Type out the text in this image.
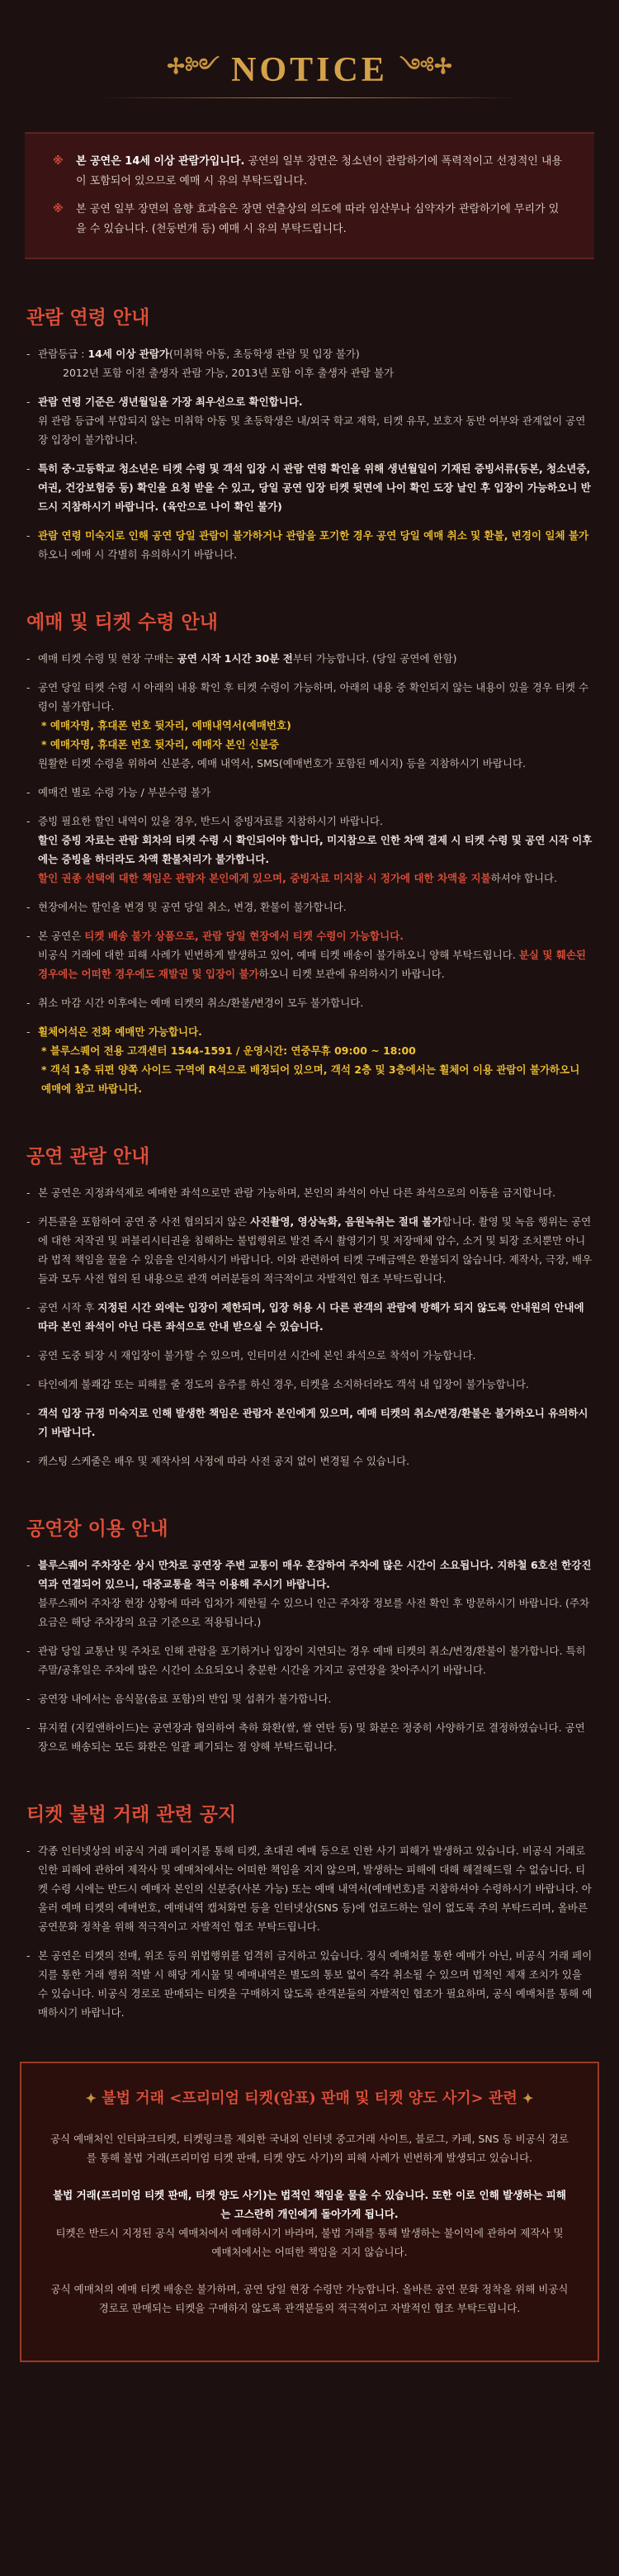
✢༻ NOTICE ༺✢
※ 본 공연은 14세 이상 관람가입니다. 공연의 일부 장면은 청소년이 관람하기에 폭력적이고 선정적인 내용이 포함되어 있으므로 예매 시 유의 부탁드립니다.
※ 본 공연 일부 장면의 음향 효과음은 장면 연출상의 의도에 따라 임산부나 심약자가 관람하기에 무리가 있을 수 있습니다. (천둥번개 등) 예매 시 유의 부탁드립니다.
관람 연령 안내
- 관람등급 : 14세 이상 관람가(미취학 아동, 초등학생 관람 및 입장 불가)
2012년 포함 이전 출생자 관람 가능, 2013년 포함 이후 출생자 관람 불가
- 관람 연령 기준은 생년월일을 가장 최우선으로 확인합니다.
위 관람 등급에 부합되지 않는 미취학 아동 및 초등학생은 내/외국 학교 재학, 티켓 유무, 보호자 동반 여부와 관계없이 공연장 입장이 불가합니다.
- 특히 중·고등학교 청소년은 티켓 수령 및 객석 입장 시 관람 연령 확인을 위해 생년월일이 기재된 증빙서류(등본, 청소년증, 여권, 건강보험증 등) 확인을 요청 받을 수 있고, 당일 공연 입장 티켓 뒷면에 나이 확인 도장 날인 후 입장이 가능하오니 반드시 지참하시기 바랍니다. (육안으로 나이 확인 불가)
- 관람 연령 미숙지로 인해 공연 당일 관람이 불가하거나 관람을 포기한 경우 공연 당일 예매 취소 및 환불, 변경이 일체 불가하오니 예매 시 각별히 유의하시기 바랍니다.
예매 및 티켓 수령 안내
- 예매 티켓 수령 및 현장 구매는 공연 시작 1시간 30분 전부터 가능합니다. (당일 공연에 한함)
- 공연 당일 티켓 수령 시 아래의 내용 확인 후 티켓 수령이 가능하며, 아래의 내용 중 확인되지 않는 내용이 있을 경우 티켓 수령이 불가합니다.
* 예매자명, 휴대폰 번호 뒷자리, 예매내역서(예매번호)
* 예매자명, 휴대폰 번호 뒷자리, 예매자 본인 신분증
원활한 티켓 수령을 위하여 신분증, 예매 내역서, SMS(예매번호가 포함된 메시지) 등을 지참하시기 바랍니다.
- 예매건 별로 수령 가능 / 부분수령 불가
- 증빙 필요한 할인 내역이 있을 경우, 반드시 증빙자료를 지참하시기 바랍니다.
할인 증빙 자료는 관람 회차의 티켓 수령 시 확인되어야 합니다, 미지참으로 인한 차액 결제 시 티켓 수령 및 공연 시작 이후에는 증빙을 하더라도 차액 환불처리가 불가합니다.
할인 권종 선택에 대한 책임은 관람자 본인에게 있으며, 증빙자료 미지참 시 정가에 대한 차액을 지불하셔야 합니다.
- 현장에서는 할인을 변경 및 공연 당일 취소, 변경, 환불이 불가합니다.
- 본 공연은 티켓 배송 불가 상품으로, 관람 당일 현장에서 티켓 수령이 가능합니다.
비공식 거래에 대한 피해 사례가 빈번하게 발생하고 있어, 예매 티켓 배송이 불가하오니 양해 부탁드립니다. 분실 및 훼손된 경우에는 어떠한 경우에도 재발권 및 입장이 불가하오니 티켓 보관에 유의하시기 바랍니다.
- 취소 마감 시간 이후에는 예매 티켓의 취소/환불/변경이 모두 불가합니다.
- 휠체어석은 전화 예매만 가능합니다.
* 블루스퀘어 전용 고객센터 1544-1591 / 운영시간: 연중무휴 09:00 ~ 18:00
* 객석 1층 뒤편 양쪽 사이드 구역에 R석으로 배정되어 있으며, 객석 2층 및 3층에서는 휠체어 이용 관람이 불가하오니 예매에 참고 바랍니다.
공연 관람 안내
- 본 공연은 지정좌석제로 예매한 좌석으로만 관람 가능하며, 본인의 좌석이 아닌 다른 좌석으로의 이동을 금지합니다.
- 커튼콜을 포함하여 공연 중 사전 협의되지 않은 사진촬영, 영상녹화, 음원녹취는 절대 불가합니다. 촬영 및 녹음 행위는 공연에 대한 저작권 및 퍼블리시티권을 침해하는 불법행위로 발견 즉시 촬영기기 및 저장매체 압수, 소거 및 퇴장 조치뿐만 아니라 법적 책임을 물을 수 있음을 인지하시기 바랍니다. 이와 관련하여 티켓 구매금액은 환불되지 않습니다. 제작사, 극장, 배우들과 모두 사전 협의 된 내용으로 관객 여러분들의 적극적이고 자발적인 협조 부탁드립니다.
- 공연 시작 후 지정된 시간 외에는 입장이 제한되며, 입장 허용 시 다른 관객의 관람에 방해가 되지 않도록 안내원의 안내에 따라 본인 좌석이 아닌 다른 좌석으로 안내 받으실 수 있습니다.
- 공연 도중 퇴장 시 재입장이 불가할 수 있으며, 인터미션 시간에 본인 좌석으로 착석이 가능합니다.
- 타인에게 불쾌감 또는 피해를 줄 정도의 음주를 하신 경우, 티켓을 소지하더라도 객석 내 입장이 불가능합니다.
- 객석 입장 규정 미숙지로 인해 발생한 책임은 관람자 본인에게 있으며, 예매 티켓의 취소/변경/환불은 불가하오니 유의하시기 바랍니다.
- 캐스팅 스케줄은 배우 및 제작사의 사정에 따라 사전 공지 없이 변경될 수 있습니다.
공연장 이용 안내
- 블루스퀘어 주차장은 상시 만차로 공연장 주변 교통이 매우 혼잡하여 주차에 많은 시간이 소요됩니다. 지하철 6호선 한강진역과 연결되어 있으니, 대중교통을 적극 이용해 주시기 바랍니다.
블루스퀘어 주차장 현장 상황에 따라 입차가 제한될 수 있으니 인근 주차장 정보를 사전 확인 후 방문하시기 바랍니다. (주차 요금은 해당 주차장의 요금 기준으로 적용됩니다.)
- 관람 당일 교통난 및 주차로 인해 관람을 포기하거나 입장이 지연되는 경우 예매 티켓의 취소/변경/환불이 불가합니다. 특히 주말/공휴일은 주차에 많은 시간이 소요되오니 충분한 시간을 가지고 공연장을 찾아주시기 바랍니다.
- 공연장 내에서는 음식물(음료 포함)의 반입 및 섭취가 불가합니다.
- 뮤지컬 (지킬앤하이드)는 공연장과 협의하여 축하 화환(쌀, 쌀 연탄 등) 및 화분은 정중히 사양하기로 결정하였습니다. 공연장으로 배송되는 모든 화환은 일괄 폐기되는 점 양해 부탁드립니다.
티켓 불법 거래 관련 공지
- 각종 인터넷상의 비공식 거래 페이지를 통해 티켓, 초대권 예매 등으로 인한 사기 피해가 발생하고 있습니다. 비공식 거래로 인한 피해에 관하여 제작사 및 예매처에서는 어떠한 책임을 지지 않으며, 발생하는 피해에 대해 해결해드릴 수 없습니다. 티켓 수령 시에는 반드시 예매자 본인의 신분증(사본 가능) 또는 예매 내역서(예매번호)를 지참하셔야 수령하시기 바랍니다. 아울러 예매 티켓의 예매번호, 예매내역 캡처화면 등을 인터넷상(SNS 등)에 업로드하는 일이 없도록 주의 부탁드리며, 올바른 공연문화 정착을 위해 적극적이고 자발적인 협조 부탁드립니다.
- 본 공연은 티켓의 전매, 위조 등의 위법행위를 엄격히 금지하고 있습니다. 정식 예매처를 통한 예매가 아닌, 비공식 거래 페이지를 통한 거래 행위 적발 시 해당 게시물 및 예매내역은 별도의 통보 없이 즉각 취소될 수 있으며 법적인 제재 조치가 있을 수 있습니다. 비공식 경로로 판매되는 티켓을 구매하지 않도록 관객분들의 자발적인 협조가 필요하며, 공식 예매처를 통해 예매하시기 바랍니다.
✦ 불법 거래 <프리미엄 티켓(암표) 판매 및 티켓 양도 사기> 관련 ✦
공식 예매처인 인터파크티켓, 티켓링크를 제외한 국내외 인터넷 중고거래 사이트, 블로그, 카페, SNS 등 비공식 경로를 통해 불법 거래(프리미엄 티켓 판매, 티켓 양도 사기)의 피해 사례가 빈번하게 발생되고 있습니다.
불법 거래(프리미엄 티켓 판매, 티켓 양도 사기)는 법적인 책임을 물을 수 있습니다. 또한 이로 인해 발생하는 피해는 고스란히 개인에게 돌아가게 됩니다.
티켓은 반드시 지정된 공식 예매처에서 예매하시기 바라며, 불법 거래를 통해 발생하는 불이익에 관하여 제작사 및 예매처에서는 어떠한 책임을 지지 않습니다.
공식 예매처의 예매 티켓 배송은 불가하며, 공연 당일 현장 수령만 가능합니다. 올바른 공연 문화 정착을 위해 비공식 경로로 판매되는 티켓을 구매하지 않도록 관객분들의 적극적이고 자발적인 협조 부탁드립니다.
